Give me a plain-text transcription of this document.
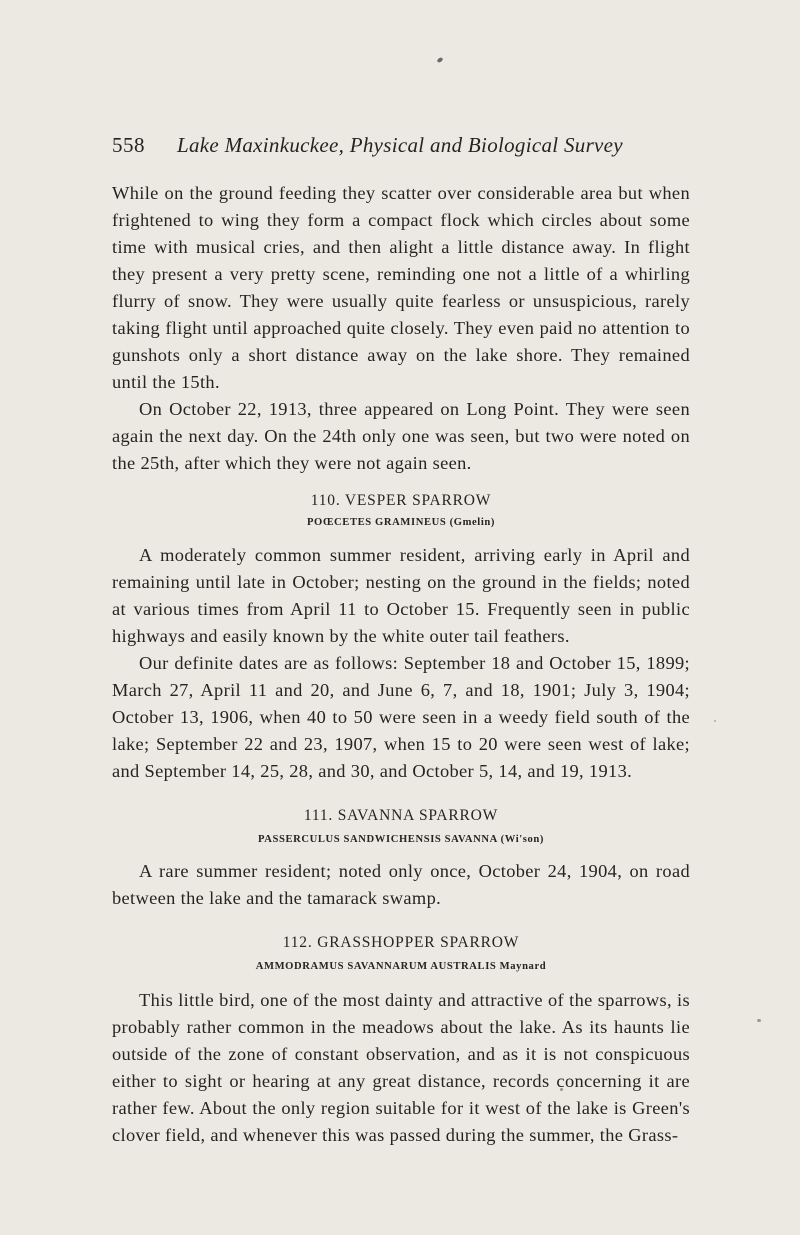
558 Lake Maxinkuckee, Physical and Biological Survey

While on the ground feeding they scatter over considerable area but when frightened to wing they form a compact flock which circles about some time with musical cries, and then alight a little distance away. In flight they present a very pretty scene, reminding one not a little of a whirling flurry of snow. They were usually quite fearless or unsuspicious, rarely taking flight until approached quite closely. They even paid no attention to gunshots only a short distance away on the lake shore. They remained until the 15th.

On October 22, 1913, three appeared on Long Point. They were seen again the next day. On the 24th only one was seen, but two were noted on the 25th, after which they were not again seen.

110. VESPER SPARROW

POŒCETES GRAMINEUS (Gmelin)

A moderately common summer resident, arriving early in April and remaining until late in October; nesting on the ground in the fields; noted at various times from April 11 to October 15. Frequently seen in public highways and easily known by the white outer tail feathers.

Our definite dates are as follows: September 18 and October 15, 1899; March 27, April 11 and 20, and June 6, 7, and 18, 1901; July 3, 1904; October 13, 1906, when 40 to 50 were seen in a weedy field south of the lake; September 22 and 23, 1907, when 15 to 20 were seen west of lake; and September 14, 25, 28, and 30, and October 5, 14, and 19, 1913.

111. SAVANNA SPARROW

PASSERCULUS SANDWICHENSIS SAVANNA (Wi'son)

A rare summer resident; noted only once, October 24, 1904, on road between the lake and the tamarack swamp.

112. GRASSHOPPER SPARROW

AMMODRAMUS SAVANNARUM AUSTRALIS Maynard

This little bird, one of the most dainty and attractive of the sparrows, is probably rather common in the meadows about the lake. As its haunts lie outside of the zone of constant observation, and as it is not conspicuous either to sight or hearing at any great distance, records concerning it are rather few. About the only region suitable for it west of the lake is Green's clover field, and whenever this was passed during the summer, the Grass-
